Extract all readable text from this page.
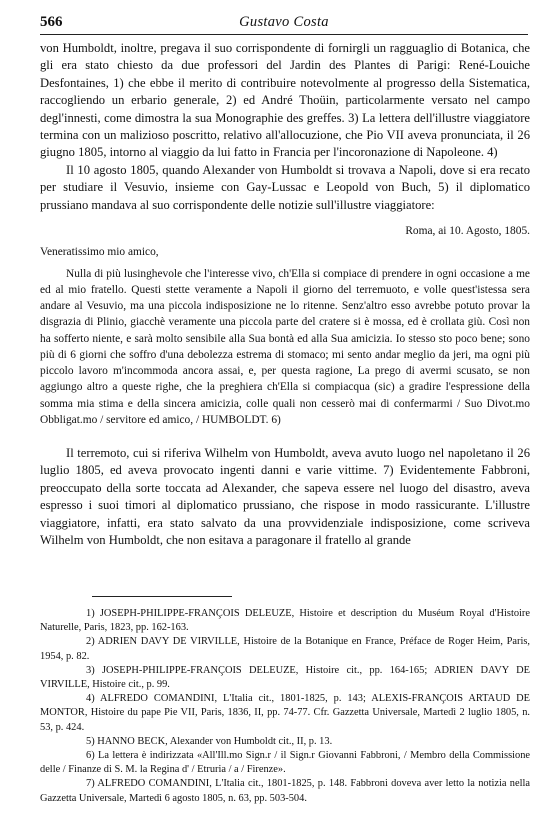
566	Gustavo Costa

von Humboldt, inoltre, pregava il suo corrispondente di fornirgli un ragguaglio di Botanica, che gli era stato chiesto da due professori del Jardin des Plantes di Parigi: René-Louiche Desfontaines, 1) che ebbe il merito di contribuire notevolmente al progresso della Sistematica, raccogliendo un erbario generale, 2) ed André Thoüin, particolarmente versato nel campo degl'innesti, come dimostra la sua Monographie des greffes. 3) La lettera dell'illustre viaggiatore termina con un malizioso poscritto, relativo all'allocuzione, che Pio VII aveva pronunciata, il 26 giugno 1805, intorno al viaggio da lui fatto in Francia per l'incoronazione di Napoleone. 4)

Il 10 agosto 1805, quando Alexander von Humboldt si trovava a Napoli, dove si era recato per studiare il Vesuvio, insieme con Gay-Lussac e Leopold von Buch, 5) il diplomatico prussiano mandava al suo corrispondente delle notizie sull'illustre viaggiatore:

Roma, ai 10. Agosto, 1805.

Veneratissimo mio amico,

Nulla di più lusinghevole che l'interesse vivo, ch'Ella si compiace di prendere in ogni occasione a me ed al mio fratello. Questi stette veramente a Napoli il giorno del terremuoto, e volle quest'istessa sera andare al Vesuvio, ma una piccola indisposizione ne lo ritenne. Senz'altro esso avrebbe potuto provar la disgrazia di Plinio, giacchè veramente una piccola parte del cratere si è mossa, ed è crollata giù. Così non ha sofferto niente, e sarà molto sensibile alla Sua bontà ed alla Sua amicizia. Io stesso sto poco bene; sono più di 6 giorni che soffro d'una debolezza estrema di stomaco; mi sento andar meglio da jeri, ma ogni più piccolo lavoro m'incommoda ancora assai, e, per questa ragione, La prego di avermi scusato, se non aggiungo altro a queste righe, che la preghiera ch'Ella si compiacqua (sic) a gradire l'espressione della somma mia stima e della sincera amicizia, colle quali non cesserò mai di confermarmi / Suo Divot.mo Obbligat.mo / servitore ed amico, / HUMBOLDT. 6)

Il terremoto, cui si riferiva Wilhelm von Humboldt, aveva avuto luogo nel napoletano il 26 luglio 1805, ed aveva provocato ingenti danni e varie vittime. 7) Evidentemente Fabbroni, preoccupato della sorte toccata ad Alexander, che sapeva essere nel luogo del disastro, aveva espresso i suoi timori al diplomatico prussiano, che rispose in modo rassicurante. L'illustre viaggiatore, infatti, era stato salvato da una provvidenziale indisposizione, come scriveva Wilhelm von Humboldt, che non esitava a paragonare il fratello al grande

1) JOSEPH-PHILIPPE-FRANÇOIS DELEUZE, Histoire et description du Muséum Royal d'Histoire Naturelle, Paris, 1823, pp. 162-163.

2) ADRIEN DAVY DE VIRVILLE, Histoire de la Botanique en France, Préface de Roger Heim, Paris, 1954, p. 82.

3) JOSEPH-PHILIPPE-FRANÇOIS DELEUZE, Histoire cit., pp. 164-165; ADRIEN DAVY DE VIRVILLE, Histoire cit., p. 99.

4) ALFREDO COMANDINI, L'Italia cit., 1801-1825, p. 143; ALEXIS-FRANÇOIS ARTAUD DE MONTOR, Histoire du pape Pie VII, Paris, 1836, II, pp. 74-77. Cfr. Gazzetta Universale, Martedì 2 luglio 1805, n. 53, p. 424.

5) HANNO BECK, Alexander von Humboldt cit., II, p. 13.

6) La lettera è indirizzata «All'Ill.mo Sign.r / il Sign.r Giovanni Fabbroni, / Membro della Commissione delle / Finanze di S. M. la Regina d' / Etruria / a / Firenze».

7) ALFREDO COMANDINI, L'Italia cit., 1801-1825, p. 148. Fabbroni doveva aver letto la notizia nella Gazzetta Universale, Martedì 6 agosto 1805, n. 63, pp. 503-504.
